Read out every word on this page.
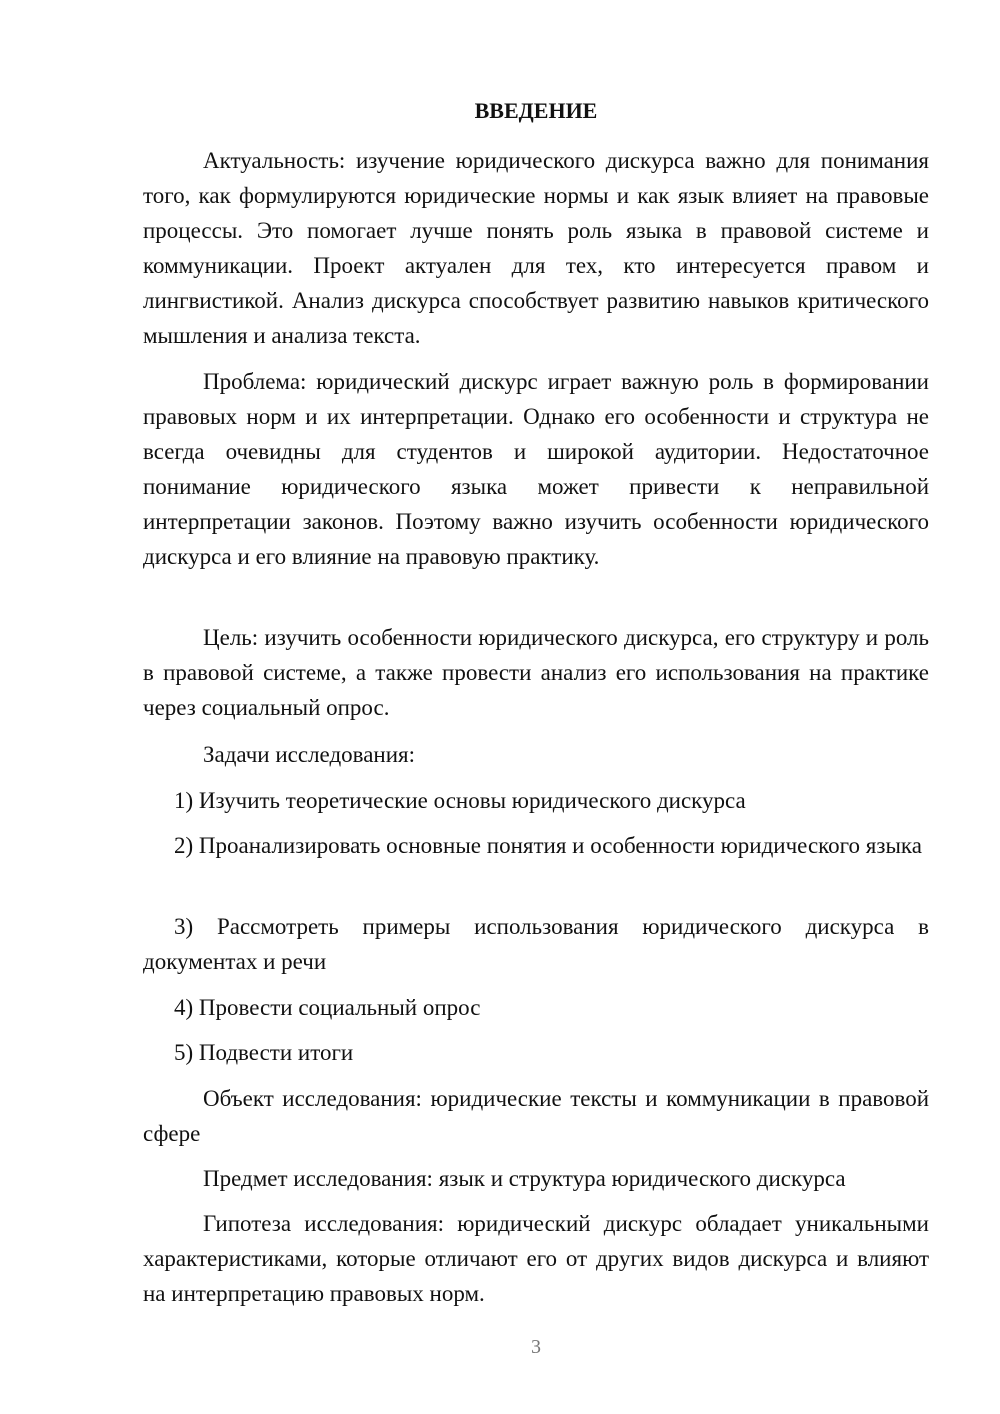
ВВЕДЕНИЕ

Актуальность: изучение юридического дискурса важно для понимания того, как формулируются юридические нормы и как язык влияет на правовые процессы. Это помогает лучше понять роль языка в правовой системе и коммуникации. Проект актуален для тех, кто интересуется правом и лингвистикой. Анализ дискурса способствует развитию навыков критического мышления и анализа текста.

Проблема: юридический дискурс играет важную роль в формировании правовых норм и их интерпретации. Однако его особенности и структура не всегда очевидны для студентов и широкой аудитории. Недостаточное понимание юридического языка может привести к неправильной интерпретации законов. Поэтому важно изучить особенности юридического дискурса и его влияние на правовую практику.

Цель: изучить особенности юридического дискурса, его структуру и роль в правовой системе, а также провести анализ его использования на практике через социальный опрос.

Задачи исследования:

1) Изучить теоретические основы юридического дискурса

2) Проанализировать основные понятия и особенности юридического языка

3) Рассмотреть примеры использования юридического дискурса в документах и речи

4) Провести социальный опрос

5) Подвести итоги

Объект исследования: юридические тексты и коммуникации в правовой сфере

Предмет исследования: язык и структура юридического дискурса

Гипотеза исследования: юридический дискурс обладает уникальными характеристиками, которые отличают его от других видов дискурса и влияют на интерпретацию правовых норм.

3
